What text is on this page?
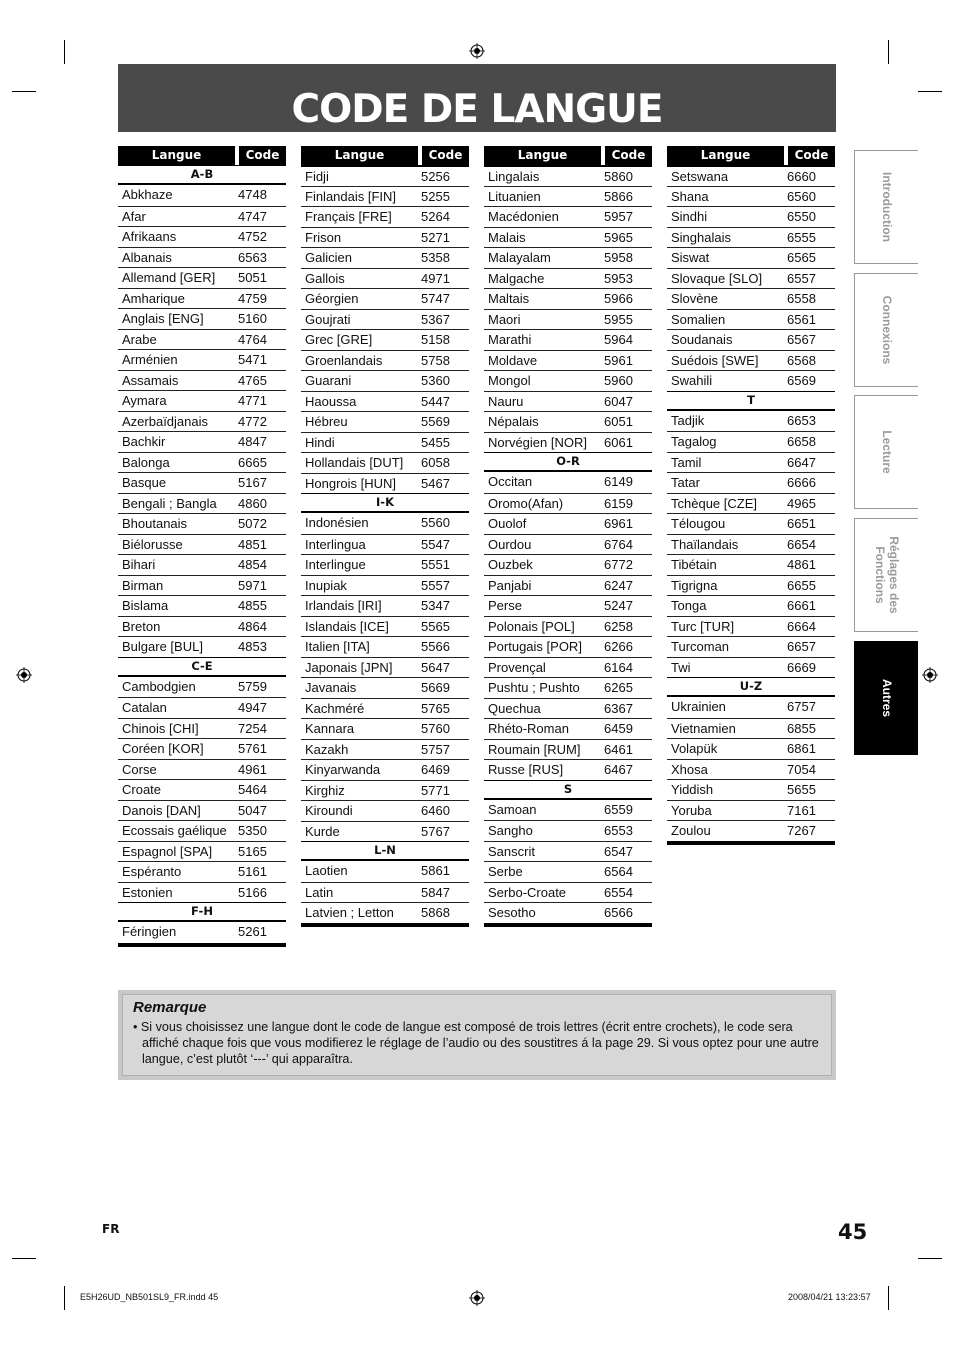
CODE DE LANGUE
Langue	Code
A-B
Abkhaze	4748
Afar	4747
Afrikaans	4752
Albanais	6563
Allemand [GER]	5051
Amharique	4759
Anglais [ENG]	5160
Arabe	4764
Arménien	5471
Assamais	4765
Aymara	4771
Azerbaïdjanais	4772
Bachkir	4847
Balonga	6665
Basque	5167
Bengali ; Bangla	4860
Bhoutanais	5072
Biélorusse	4851
Bihari	4854
Birman	5971
Bislama	4855
Breton	4864
Bulgare [BUL]	4853
C-E
Cambodgien	5759
Catalan	4947
Chinois [CHI]	7254
Coréen [KOR]	5761
Corse	4961
Croate	5464
Danois [DAN]	5047
Ecossais gaélique 5350
Espagnol [SPA]	5165
Espéranto	5161
Estonien	5166
F-H
Féringien	5261
Langue	Code
Fidji	5256
Finlandais [FIN]	5255
Français [FRE]	5264
Frison	5271
Galicien	5358
Gallois	4971
Géorgien	5747
Goujrati	5367
Grec [GRE]	5158
Groenlandais	5758
Guarani	5360
Haoussa	5447
Hébreu	5569
Hindi	5455
Hollandais [DUT]	6058
Hongrois [HUN]	5467
I-K
Indonésien	5560
Interlingua	5547
Interlingue	5551
Inupiak	5557
Irlandais [IRI]	5347
Islandais [ICE]	5565
Italien [ITA]	5566
Japonais [JPN]	5647
Javanais	5669
Kachméré	5765
Kannara	5760
Kazakh	5757
Kinyarwanda	6469
Kirghiz	5771
Kiroundi	6460
Kurde	5767
L-N
Laotien	5861
Latin	5847
Latvien ; Letton	5868
Langue	Code
Lingalais	5860
Lituanien	5866
Macédonien	5957
Malais	5965
Malayalam	5958
Malgache	5953
Maltais	5966
Maori	5955
Marathi	5964
Moldave	5961
Mongol	5960
Nauru	6047
Népalais	6051
Norvégien [NOR]	6061
O-R
Occitan	6149
Oromo(Afan)	6159
Ouolof	6961
Ourdou	6764
Ouzbek	6772
Panjabi	6247
Perse	5247
Polonais [POL]	6258
Portugais [POR]	6266
Provençal	6164
Pushtu ; Pushto	6265
Quechua	6367
Rhéto-Roman	6459
Roumain [RUM]	6461
Russe [RUS]	6467
S
Samoan	6559
Sangho	6553
Sanscrit	6547
Serbe	6564
Serbo-Croate	6554
Sesotho	6566
Langue	Code
Setswana	6660
Shana	6560
Sindhi	6550
Singhalais	6555
Siswat	6565
Slovaque [SLO]	6557
Slovène	6558
Somalien	6561
Soudanais	6567
Suédois [SWE]	6568
Swahili	6569
T
Tadjik	6653
Tagalog	6658
Tamil	6647
Tatar	6666
Tchèque [CZE]	4965
Télougou	6651
Thaïlandais	6654
Tibétain	4861
Tigrigna	6655
Tonga	6661
Turc [TUR]	6664
Turcoman	6657
Twi	6669
U-Z
Ukrainien	6757
Vietnamien	6855
Volapük	6861
Xhosa	7054
Yiddish	5655
Yoruba	7161
Zoulou	7267
Introduction
Connexions
Lecture
Réglages des
Fonctions
Autres
Remarque
• Si vous choisissez une langue dont le code de langue est composé de trois lettres (écrit entre crochets), le code sera affiché chaque fois que vous modifierez le réglage de l’audio ou des soustitres á la page 29. Si vous optez pour une autre langue, c’est plutôt ‘---’ qui apparaîtra.
FR	45
E5H26UD_NB501SL9_FR.indd 45	2008/04/21 13:23:57
